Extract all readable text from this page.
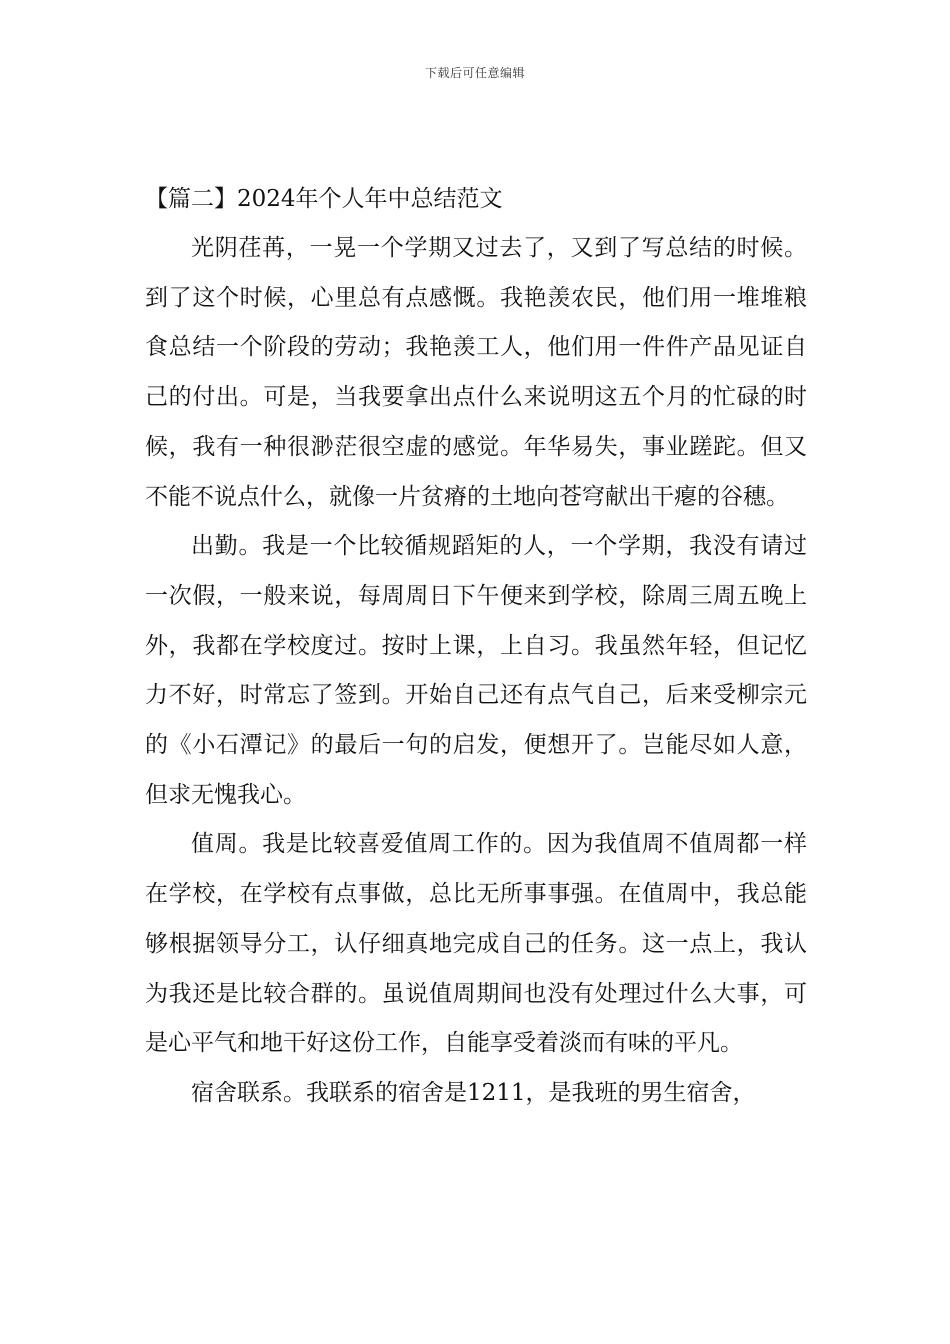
下载后可任意编辑
【篇二】2024年个人年中总结范文

光阴荏苒，一晃一个学期又过去了，又到了写总结的时候。到了这个时候，心里总有点感慨。我艳羡农民，他们用一堆堆粮食总结一个阶段的劳动；我艳羡工人，他们用一件件产品见证自己的付出。可是，当我要拿出点什么来说明这五个月的忙碌的时候，我有一种很渺茫很空虚的感觉。年华易失，事业蹉跎。但又不能不说点什么，就像一片贫瘠的土地向苍穹献出干瘪的谷穗。

出勤。我是一个比较循规蹈矩的人，一个学期，我没有请过一次假，一般来说，每周周日下午便来到学校，除周三周五晚上外，我都在学校度过。按时上课，上自习。我虽然年轻，但记忆力不好，时常忘了签到。开始自己还有点气自己，后来受柳宗元的《小石潭记》的最后一句的启发，便想开了。岂能尽如人意，但求无愧我心。

值周。我是比较喜爱值周工作的。因为我值周不值周都一样在学校，在学校有点事做，总比无所事事强。在值周中，我总能够根据领导分工，认仔细真地完成自己的任务。这一点上，我认为我还是比较合群的。虽说值周期间也没有处理过什么大事，可是心平气和地干好这份工作，自能享受着淡而有味的平凡。

宿舍联系。我联系的宿舍是1211，是我班的男生宿舍，
